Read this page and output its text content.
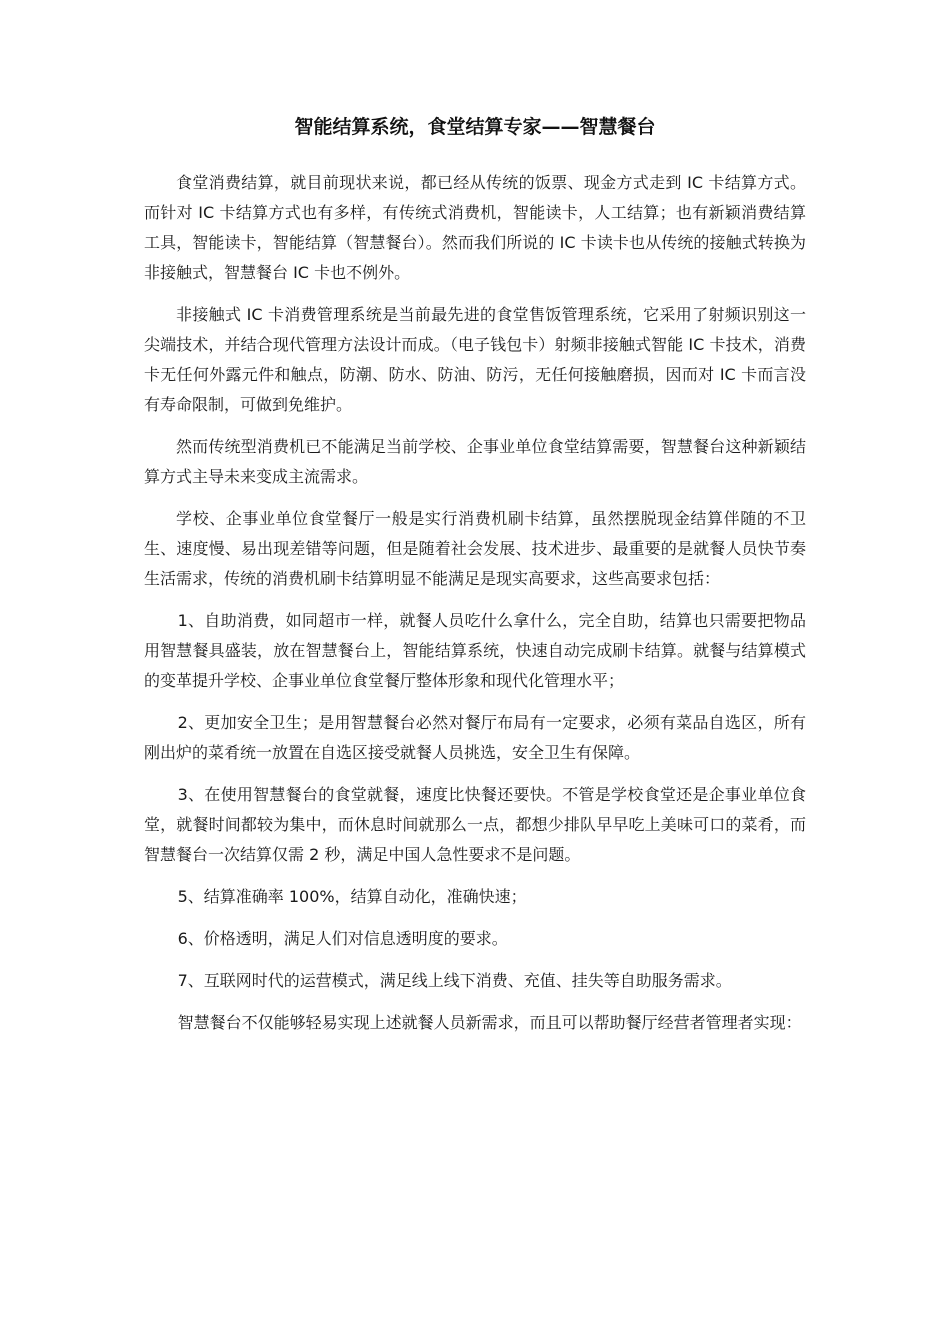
智能结算系统，食堂结算专家——智慧餐台

食堂消费结算，就目前现状来说，都已经从传统的饭票、现金方式走到 IC 卡结算方式。而针对 IC 卡结算方式也有多样，有传统式消费机，智能读卡，人工结算；也有新颖消费结算工具，智能读卡，智能结算（智慧餐台）。然而我们所说的 IC 卡读卡也从传统的接触式转换为非接触式，智慧餐台 IC 卡也不例外。

非接触式 IC 卡消费管理系统是当前最先进的食堂售饭管理系统，它采用了射频识别这一尖端技术，并结合现代管理方法设计而成。（电子钱包卡）射频非接触式智能 IC 卡技术，消费卡无任何外露元件和触点，防潮、防水、防油、防污，无任何接触磨损，因而对 IC 卡而言没有寿命限制，可做到免维护。

然而传统型消费机已不能满足当前学校、企事业单位食堂结算需要，智慧餐台这种新颖结算方式主导未来变成主流需求。

学校、企事业单位食堂餐厅一般是实行消费机刷卡结算，虽然摆脱现金结算伴随的不卫生、速度慢、易出现差错等问题，但是随着社会发展、技术进步、最重要的是就餐人员快节奏生活需求，传统的消费机刷卡结算明显不能满足是现实高要求，这些高要求包括：

1、自助消费，如同超市一样，就餐人员吃什么拿什么，完全自助，结算也只需要把物品用智慧餐具盛装，放在智慧餐台上，智能结算系统，快速自动完成刷卡结算。就餐与结算模式的变革提升学校、企事业单位食堂餐厅整体形象和现代化管理水平；

2、更加安全卫生；是用智慧餐台必然对餐厅布局有一定要求，必须有菜品自选区，所有刚出炉的菜肴统一放置在自选区接受就餐人员挑选，安全卫生有保障。

3、在使用智慧餐台的食堂就餐，速度比快餐还要快。不管是学校食堂还是企事业单位食堂，就餐时间都较为集中，而休息时间就那么一点，都想少排队早早吃上美味可口的菜肴，而智慧餐台一次结算仅需 2 秒，满足中国人急性要求不是问题。

5、结算准确率 100%，结算自动化，准确快速；

6、价格透明，满足人们对信息透明度的要求。

7、互联网时代的运营模式，满足线上线下消费、充值、挂失等自助服务需求。

智慧餐台不仅能够轻易实现上述就餐人员新需求，而且可以帮助餐厅经营者管理者实现：
